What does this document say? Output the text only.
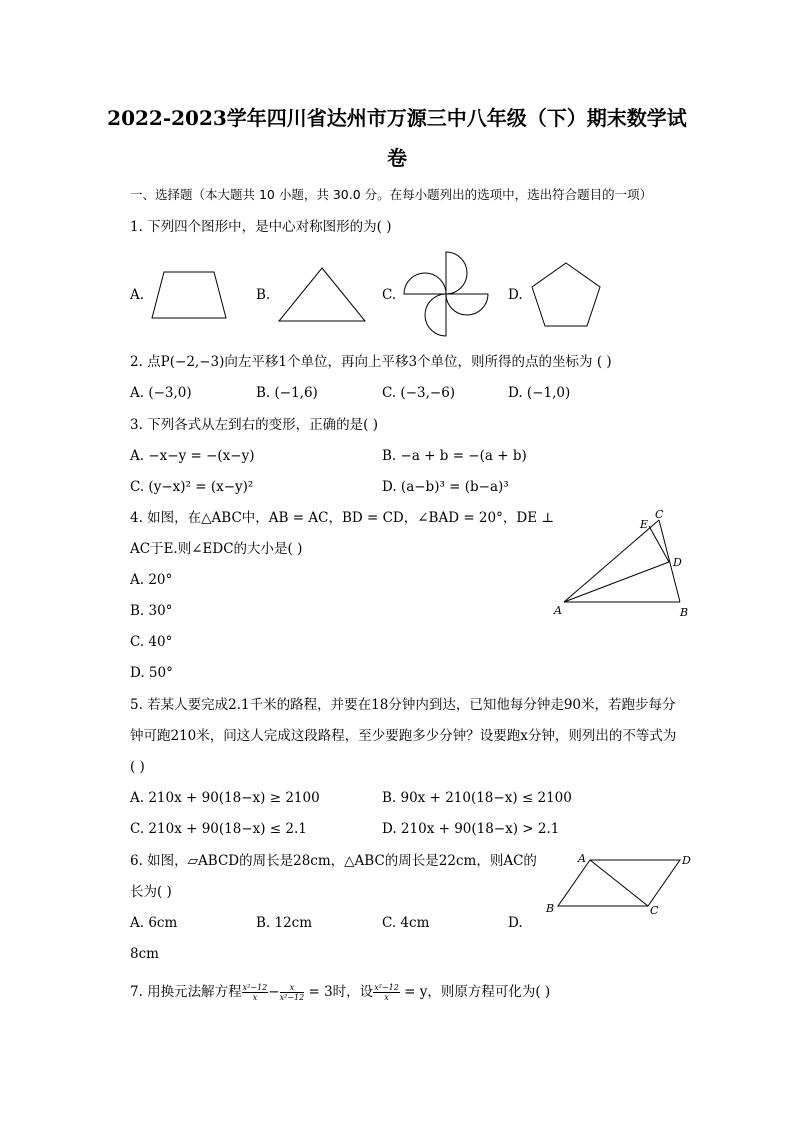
2022-2023学年四川省达州市万源三中八年级（下）期末数学试
卷
一、选择题（本大题共 10 小题，共 30.0 分。在每小题列出的选项中，选出符合题目的一项）
1. 下列四个图形中，是中心对称图形的为( )
A.	B.	C.	D.
2. 点P(−2,−3)向左平移1个单位，再向上平移3个单位，则所得的点的坐标为 ( )
A. (−3,0)	B. (−1,6)	C. (−3,−6)	D. (−1,0)
3. 下列各式从左到右的变形，正确的是( )
A. −x−y = −(x−y)	B. −a + b = −(a + b)
C. (y−x)² = (x−y)²	D. (a−b)³ = (b−a)³
4. 如图，在△ABC中，AB = AC，BD = CD，∠BAD = 20°，DE ⊥
AC于E.则∠EDC的大小是( )
A. 20°
B. 30°
C. 40°
D. 50°
A	B
C
D
E
5. 若某人要完成2.1千米的路程，并要在18分钟内到达，已知他每分钟走90米，若跑步每分
钟可跑210米，问这人完成这段路程，至少要跑多少分钟？设要跑x分钟，则列出的不等式为
( )
A. 210x + 90(18−x) ≥ 2100	B. 90x + 210(18−x) ≤ 2100
C. 210x + 90(18−x) ≤ 2.1	D. 210x + 90(18−x) > 2.1
6. 如图，▱ABCD的周长是28cm，△ABC的周长是22cm，则AC的
长为( )
A. 6cm	B. 12cm	C. 4cm	D.
8cm
A	D
C
B
7. 用换元法解方程 $\frac{\text{x²−12}}{x} - \frac{x}{\text{x²−12}} = 3$时，设 $\frac{\text{x²−12}}{x} = y$，则原方程可化为( )
